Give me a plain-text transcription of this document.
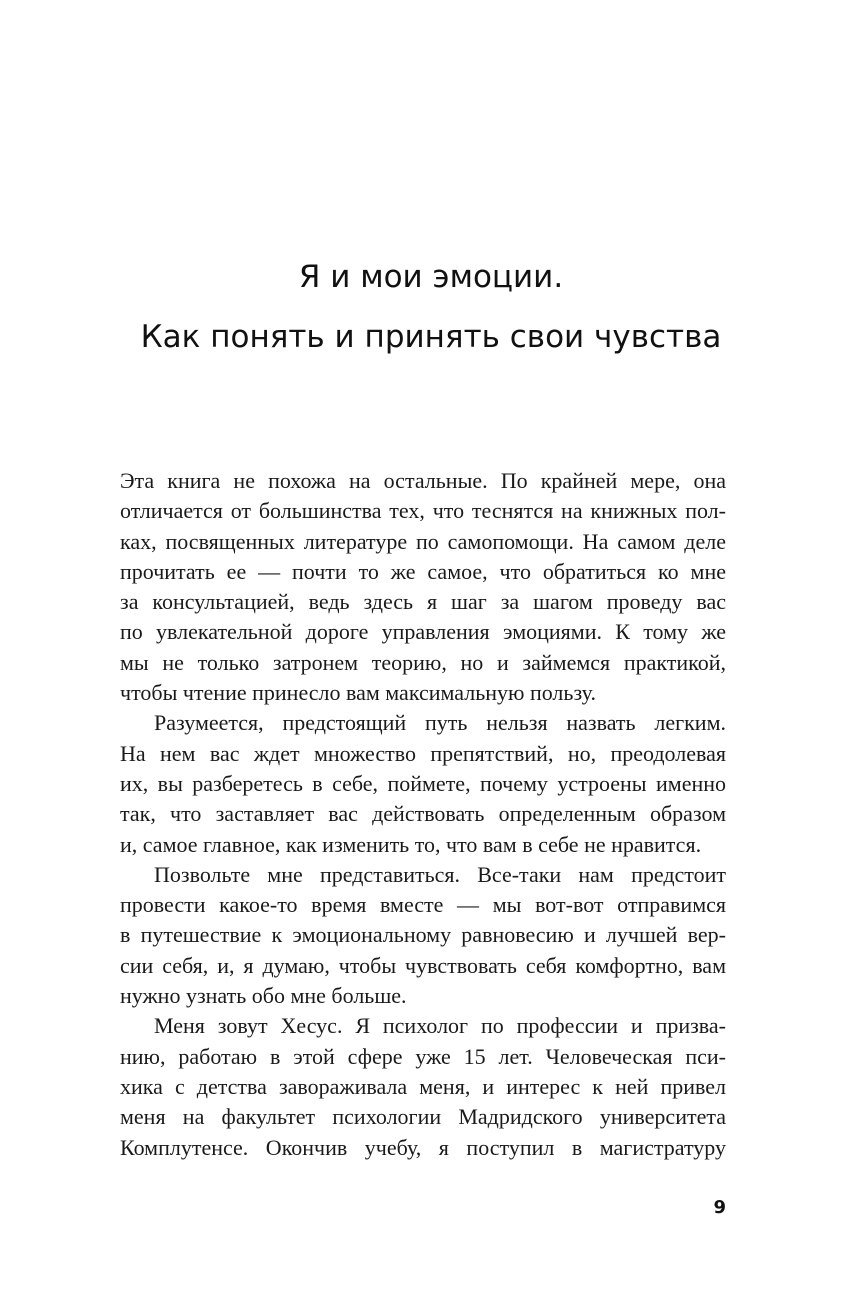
Я и мои эмоции.
Как понять и принять свои чувства
Эта книга не похожа на остальные. По крайней мере, она
отличается от большинства тех, что теснятся на книжных пол-
ках, посвященных литературе по самопомощи. На самом деле
прочитать ее — почти то же самое, что обратиться ко мне
за консультацией, ведь здесь я шаг за шагом проведу вас
по увлекательной дороге управления эмоциями. К тому же
мы не только затронем теорию, но и займемся практикой,
чтобы чтение принесло вам максимальную пользу.
Разумеется, предстоящий путь нельзя назвать легким.
На нем вас ждет множество препятствий, но, преодолевая
их, вы разберетесь в себе, поймете, почему устроены именно
так, что заставляет вас действовать определенным образом
и, самое главное, как изменить то, что вам в себе не нравится.
Позвольте мне представиться. Все-таки нам предстоит
провести какое-то время вместе — мы вот-вот отправимся
в путешествие к эмоциональному равновесию и лучшей вер-
сии себя, и, я думаю, чтобы чувствовать себя комфортно, вам
нужно узнать обо мне больше.
Меня зовут Хесус. Я психолог по профессии и призва-
нию, работаю в этой сфере уже 15 лет. Человеческая пси-
хика с детства завораживала меня, и интерес к ней привел
меня на факультет психологии Мадридского университета
Комплутенсе. Окончив учебу, я поступил в магистратуру
9
